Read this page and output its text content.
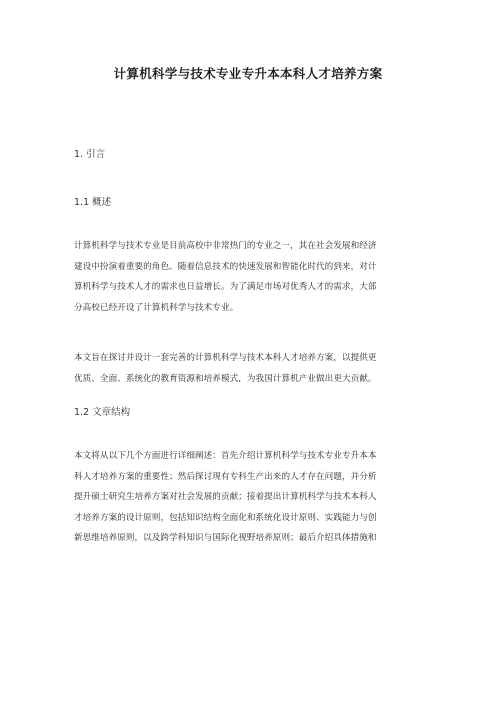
计算机科学与技术专业专升本本科人才培养方案
1. 引言
1.1 概述
计算机科学与技术专业是目前高校中非常热门的专业之一，其在社会发展和经济
建设中扮演着重要的角色。随着信息技术的快速发展和智能化时代的到来，对计
算机科学与技术人才的需求也日益增长。为了满足市场对优秀人才的需求，大部
分高校已经开设了计算机科学与技术专业。
本文旨在探讨并设计一套完善的计算机科学与技术本科人才培养方案，以提供更
优质、全面、系统化的教育资源和培养模式，为我国计算机产业做出更大贡献。
1.2 文章结构
本文将从以下几个方面进行详细阐述：首先介绍计算机科学与技术专业专升本本
科人才培养方案的重要性；然后探讨现有专科生产出来的人才存在问题，并分析
提升硕士研究生培养方案对社会发展的贡献；接着提出计算机科学与技术本科人
才培养方案的设计原则，包括知识结构全面化和系统化设计原则、实践能力与创
新思维培养原则，以及跨学科知识与国际化视野培养原则；最后介绍具体措施和
